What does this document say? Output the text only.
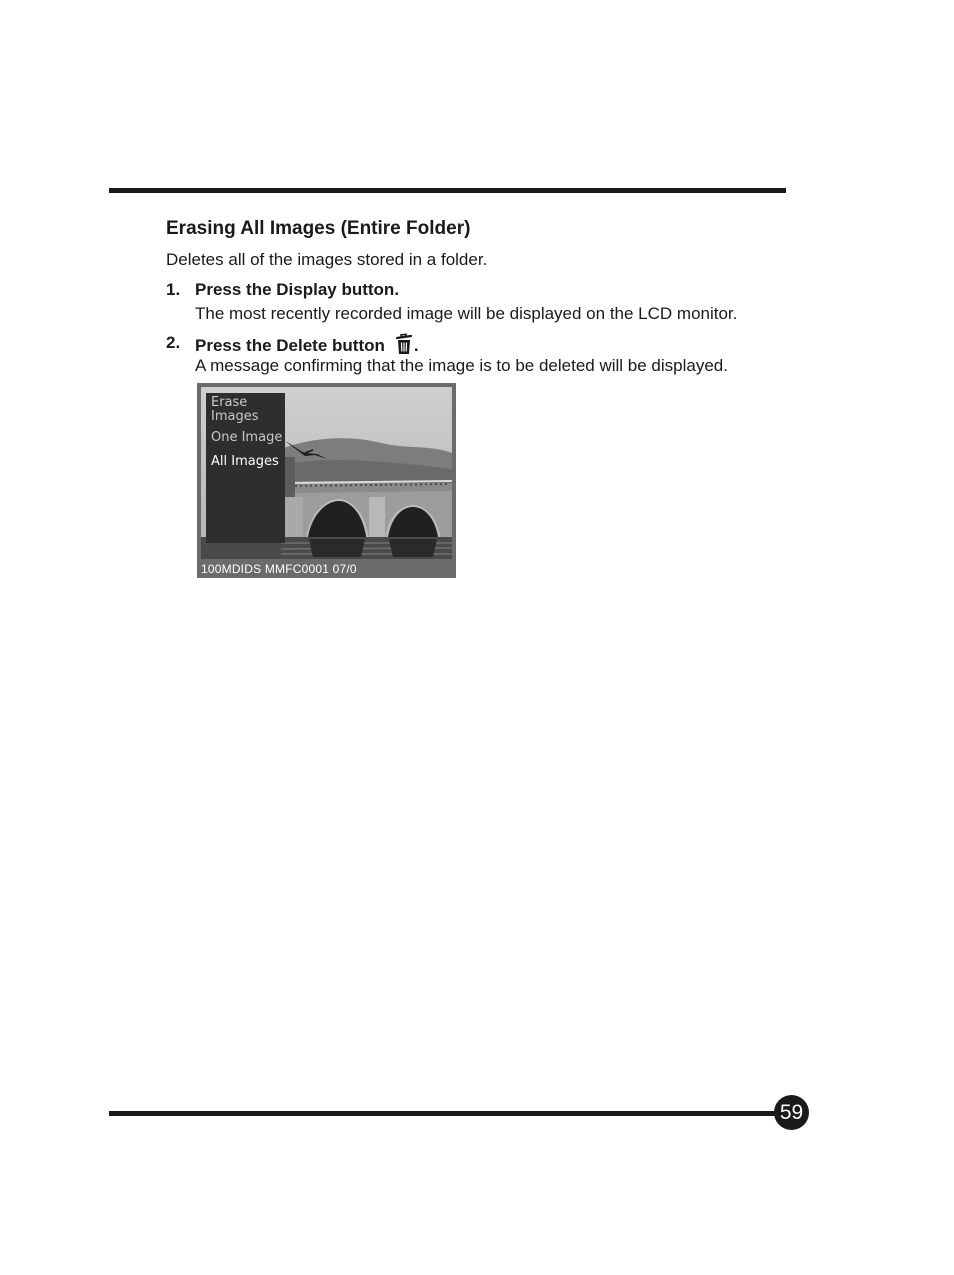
Erasing All Images (Entire Folder)

Deletes all of the images stored in a folder.

1. Press the Display button.
The most recently recorded image will be displayed on the LCD monitor.
2. Press the Delete button .
A message confirming that the image is to be deleted will be displayed.
Erase Images
One Image
All Images
100MDIDS MMFC0001 07/0
59
